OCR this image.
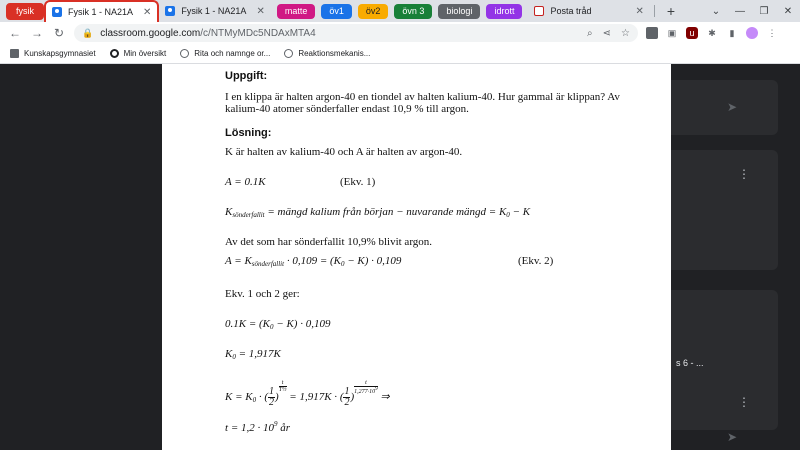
fysik	Fysik 1 - NA21A ✕	Fysik 1 - NA21A ✕	matte	öv1	öv2	övn 3	biologi	idrott	Posta tråd	✕ +	⌄	—	❐	✕
← → ↻	🔒 classroom.google.com /c/NTMyMDc5NDAxMTA4	⌕ ⋖ ☆	▣	u	✱	▮	⋮
Kunskapsgymnasiet	Min översikt	Rita och namnge or...	Reaktionsmekanis...
➤
⋮
s 6 - ...
⋮
➤
Uppgift:
I en klippa är halten argon-40 en tiondel av halten kalium-40. Hur gammal är klippan? Av
kalium-40 atomer sönderfaller endast 10,9 % till argon.
Lösning:
K är halten av kalium-40 och A är halten av argon-40.
A = 0.1K	(Ekv. 1)
$K_{sönderfallit}$ = mängd kalium från början − nuvarande mängd = $K_0 - K$
Av det som har sönderfallit 10,9% blivit argon.
$A = K_{sönderfallit} \cdot 0,109 = (K_0 - K) \cdot 0,109$	(Ekv. 2)
Ekv. 1 och 2 ger:
$0.1K = (K_0 - K) \cdot 0,109$
$K_0 = 1,917K$
$K = K_0$ · ( $\frac{1}{2}$ )
$\frac{t}{\text{T½}} = 1,917K$ · ( $\frac{1}{2}$ )
$\frac{t}{1,277\cdot 10^9}$ ⇒
$t = 1,2 \cdot 10^9$ år
